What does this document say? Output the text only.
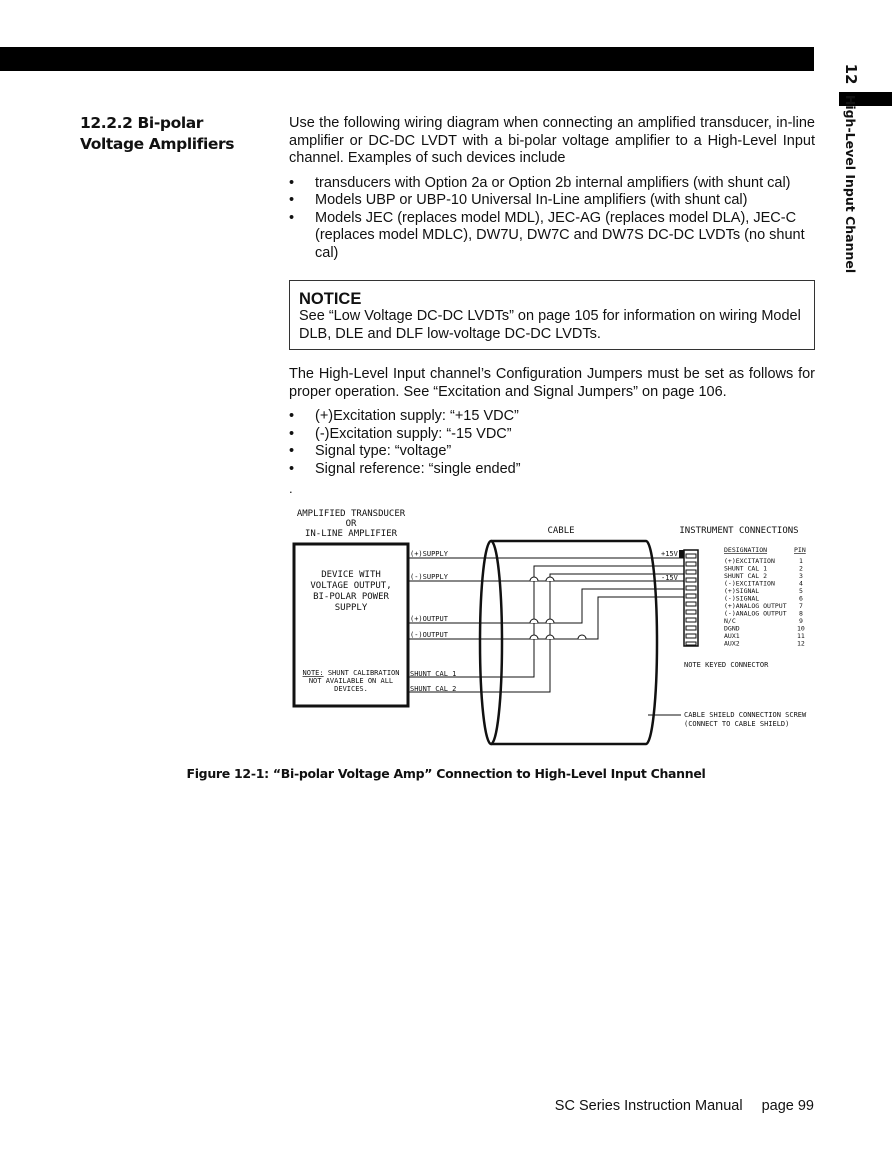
12
High-Level Input Channel
12.2.2 Bi-polar Voltage Amplifiers

Use the following wiring diagram when connecting an amplified transducer, in-line amplifier or DC-DC LVDT with a bi-polar voltage amplifier to a High-Level Input channel. Examples of such devices include

• transducers with Option 2a or Option 2b internal amplifiers (with shunt cal)
• Models UBP or UBP-10 Universal In-Line amplifiers (with shunt cal)
• Models JEC (replaces model MDL), JEC-AG (replaces model DLA), JEC-C (replaces model MDLC), DW7U, DW7C and DW7S DC-DC LVDTs (no shunt cal)
NOTICE
See “Low Voltage DC-DC LVDTs” on page 105 for information on wiring Model DLB, DLE and DLF low-voltage DC-DC LVDTs.

The High-Level Input channel’s Configuration Jumpers must be set as follows for proper operation. See “Excitation and Signal Jumpers” on page 106.

• (+)Excitation supply: “+15 VDC”
• (-)Excitation supply: “-15 VDC”
• Signal type: “voltage”
• Signal reference: “single ended”
.
AMPLIFIED TRANSDUCER
OR
IN-LINE AMPLIFIER
DEVICE WITH
VOLTAGE OUTPUT,
BI-POLAR POWER
SUPPLY
NOTE: SHUNT CALIBRATION
NOT AVAILABLE ON ALL
DEVICES.
CABLE
(+)SUPPLY
(-)SUPPLY
(+)OUTPUT
(-)OUTPUT
SHUNT CAL 1
SHUNT CAL 2
+15V
-15V
INSTRUMENT CONNECTIONS
DESIGNATION	PIN
(+)EXCITATION	1
SHUNT CAL 1	2
SHUNT CAL 2	3
(-)EXCITATION	4
(+)SIGNAL	5
(-)SIGNAL	6
(+)ANALOG OUTPUT 7
(-)ANALOG OUTPUT 8
N/C	9
DGND	10
AUX1	11
AUX2	12
NOTE KEYED CONNECTOR
CABLE SHIELD CONNECTION SCREW
(CONNECT TO CABLE SHIELD)
Figure 12-1: “Bi-polar Voltage Amp” Connection to High-Level Input Channel
SC Series Instruction Manual page 99
